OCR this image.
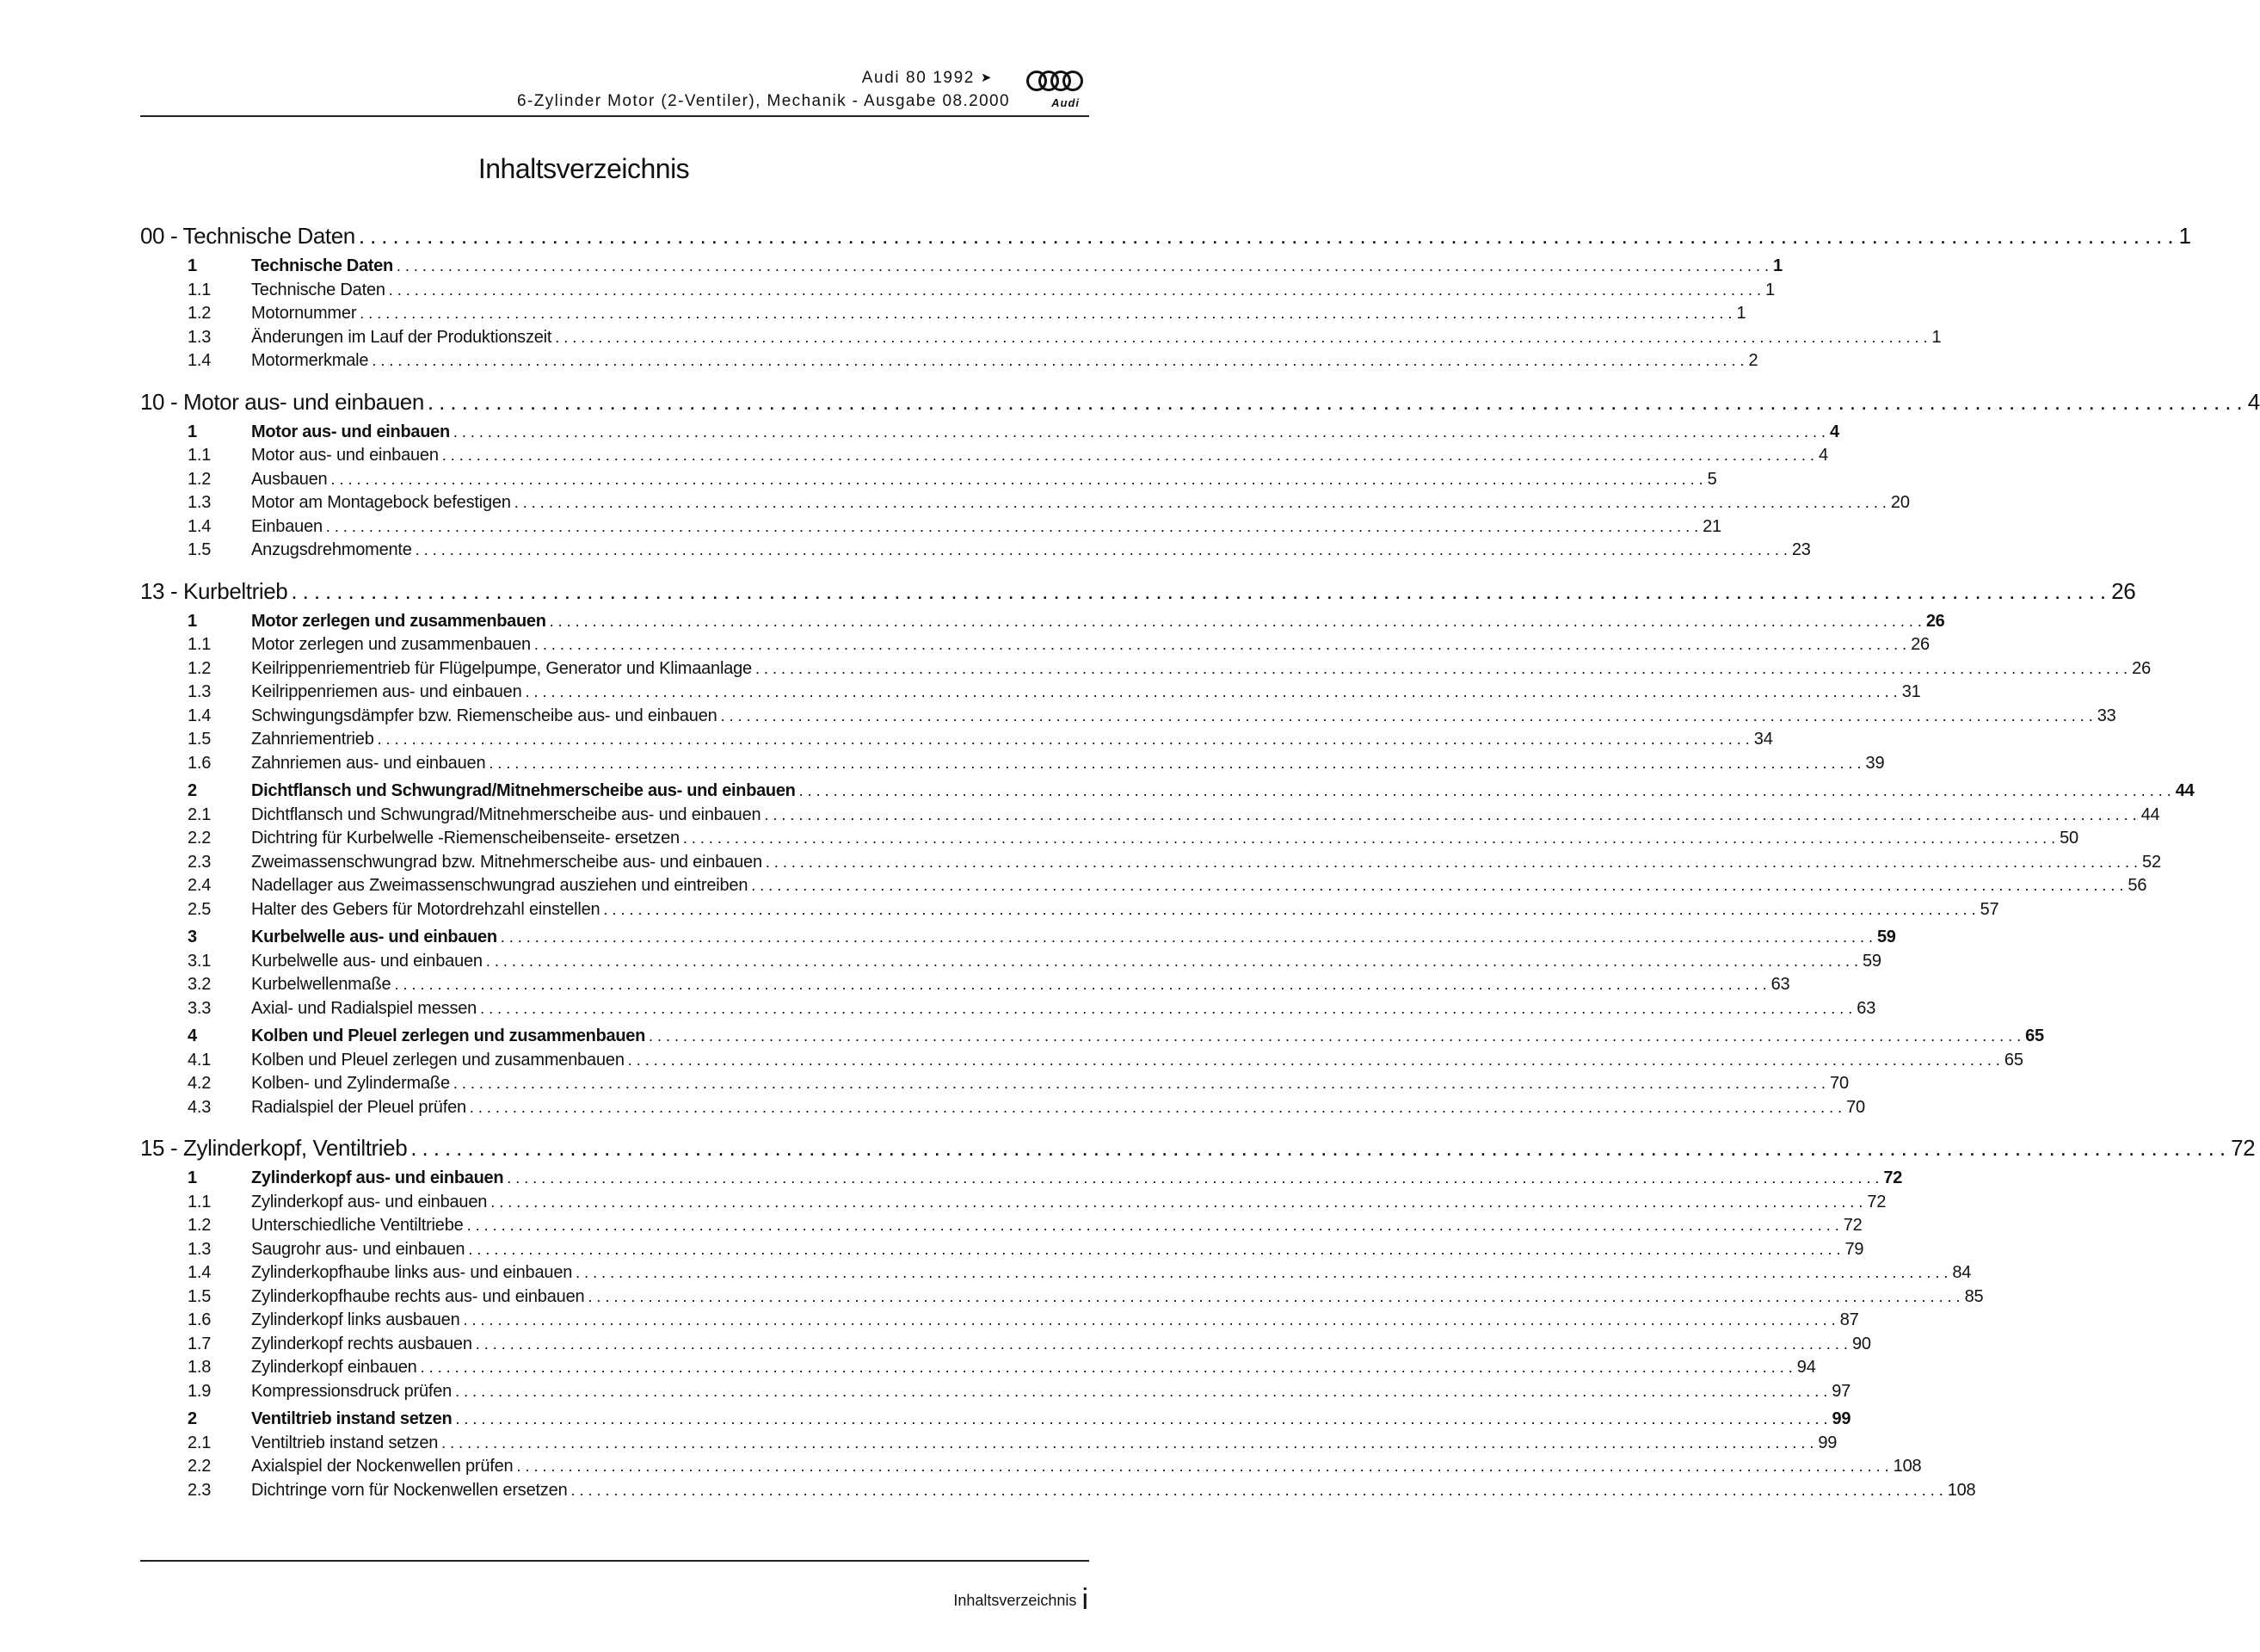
Audi 80 1992 ➤
6-Zylinder Motor (2-Ventiler), Mechanik - Ausgabe 08.2000	Audi
Inhaltsverzeichnis
00 - Technische Daten ................................................................................................................................................................ 1
1	Technische Daten ................................................................................................................................................................ 1
1.1 Technische Daten ................................................................................................................................................................ 1
1.2 Motornummer ................................................................................................................................................................ 1
1.3 Änderungen im Lauf der Produktionszeit ................................................................................................................................................................ 1
1.4 Motormerkmale ................................................................................................................................................................ 2
10 - Motor aus- und einbauen ................................................................................................................................................................ 4
1	Motor aus- und einbauen ................................................................................................................................................................ 4
1.1 Motor aus- und einbauen ................................................................................................................................................................ 4
1.2 Ausbauen ................................................................................................................................................................ 5
1.3 Motor am Montagebock befestigen ................................................................................................................................................................ 20
1.4 Einbauen ................................................................................................................................................................ 21
1.5 Anzugsdrehmomente ................................................................................................................................................................ 23
13 - Kurbeltrieb ................................................................................................................................................................ 26
1	Motor zerlegen und zusammenbauen ................................................................................................................................................................ 26
1.1 Motor zerlegen und zusammenbauen ................................................................................................................................................................ 26
1.2 Keilrippenriementrieb für Flügelpumpe, Generator und Klimaanlage ................................................................................................................................................................ 26
1.3 Keilrippenriemen aus- und einbauen ................................................................................................................................................................ 31
1.4 Schwingungsdämpfer bzw. Riemenscheibe aus- und einbauen ................................................................................................................................................................ 33
1.5 Zahnriementrieb ................................................................................................................................................................ 34
1.6 Zahnriemen aus- und einbauen ................................................................................................................................................................ 39
2	Dichtflansch und Schwungrad/Mitnehmerscheibe aus- und einbauen ................................................................................................................................................................ 44
2.1 Dichtflansch und Schwungrad/Mitnehmerscheibe aus- und einbauen ................................................................................................................................................................ 44
2.2 Dichtring für Kurbelwelle -Riemenscheibenseite- ersetzen ................................................................................................................................................................ 50
2.3 Zweimassenschwungrad bzw. Mitnehmerscheibe aus- und einbauen ................................................................................................................................................................ 52
2.4 Nadellager aus Zweimassenschwungrad ausziehen und eintreiben ................................................................................................................................................................ 56
2.5 Halter des Gebers für Motordrehzahl einstellen ................................................................................................................................................................ 57
3	Kurbelwelle aus- und einbauen ................................................................................................................................................................ 59
3.1 Kurbelwelle aus- und einbauen ................................................................................................................................................................ 59
3.2 Kurbelwellenmaße ................................................................................................................................................................ 63
3.3 Axial- und Radialspiel messen ................................................................................................................................................................ 63
4	Kolben und Pleuel zerlegen und zusammenbauen ................................................................................................................................................................ 65
4.1 Kolben und Pleuel zerlegen und zusammenbauen ................................................................................................................................................................ 65
4.2 Kolben- und Zylindermaße ................................................................................................................................................................ 70
4.3 Radialspiel der Pleuel prüfen ................................................................................................................................................................ 70
15 - Zylinderkopf, Ventiltrieb ................................................................................................................................................................ 72
1	Zylinderkopf aus- und einbauen ................................................................................................................................................................ 72
1.1 Zylinderkopf aus- und einbauen ................................................................................................................................................................ 72
1.2 Unterschiedliche Ventiltriebe ................................................................................................................................................................ 72
1.3 Saugrohr aus- und einbauen ................................................................................................................................................................ 79
1.4 Zylinderkopfhaube links aus- und einbauen ................................................................................................................................................................ 84
1.5 Zylinderkopfhaube rechts aus- und einbauen ................................................................................................................................................................ 85
1.6 Zylinderkopf links ausbauen ................................................................................................................................................................ 87
1.7 Zylinderkopf rechts ausbauen ................................................................................................................................................................ 90
1.8 Zylinderkopf einbauen ................................................................................................................................................................ 94
1.9 Kompressionsdruck prüfen ................................................................................................................................................................ 97
2	Ventiltrieb instand setzen ................................................................................................................................................................ 99
2.1 Ventiltrieb instand setzen ................................................................................................................................................................ 99
2.2 Axialspiel der Nockenwellen prüfen ................................................................................................................................................................ 108
2.3 Dichtringe vorn für Nockenwellen ersetzen ................................................................................................................................................................ 108
Inhaltsverzeichnis i
